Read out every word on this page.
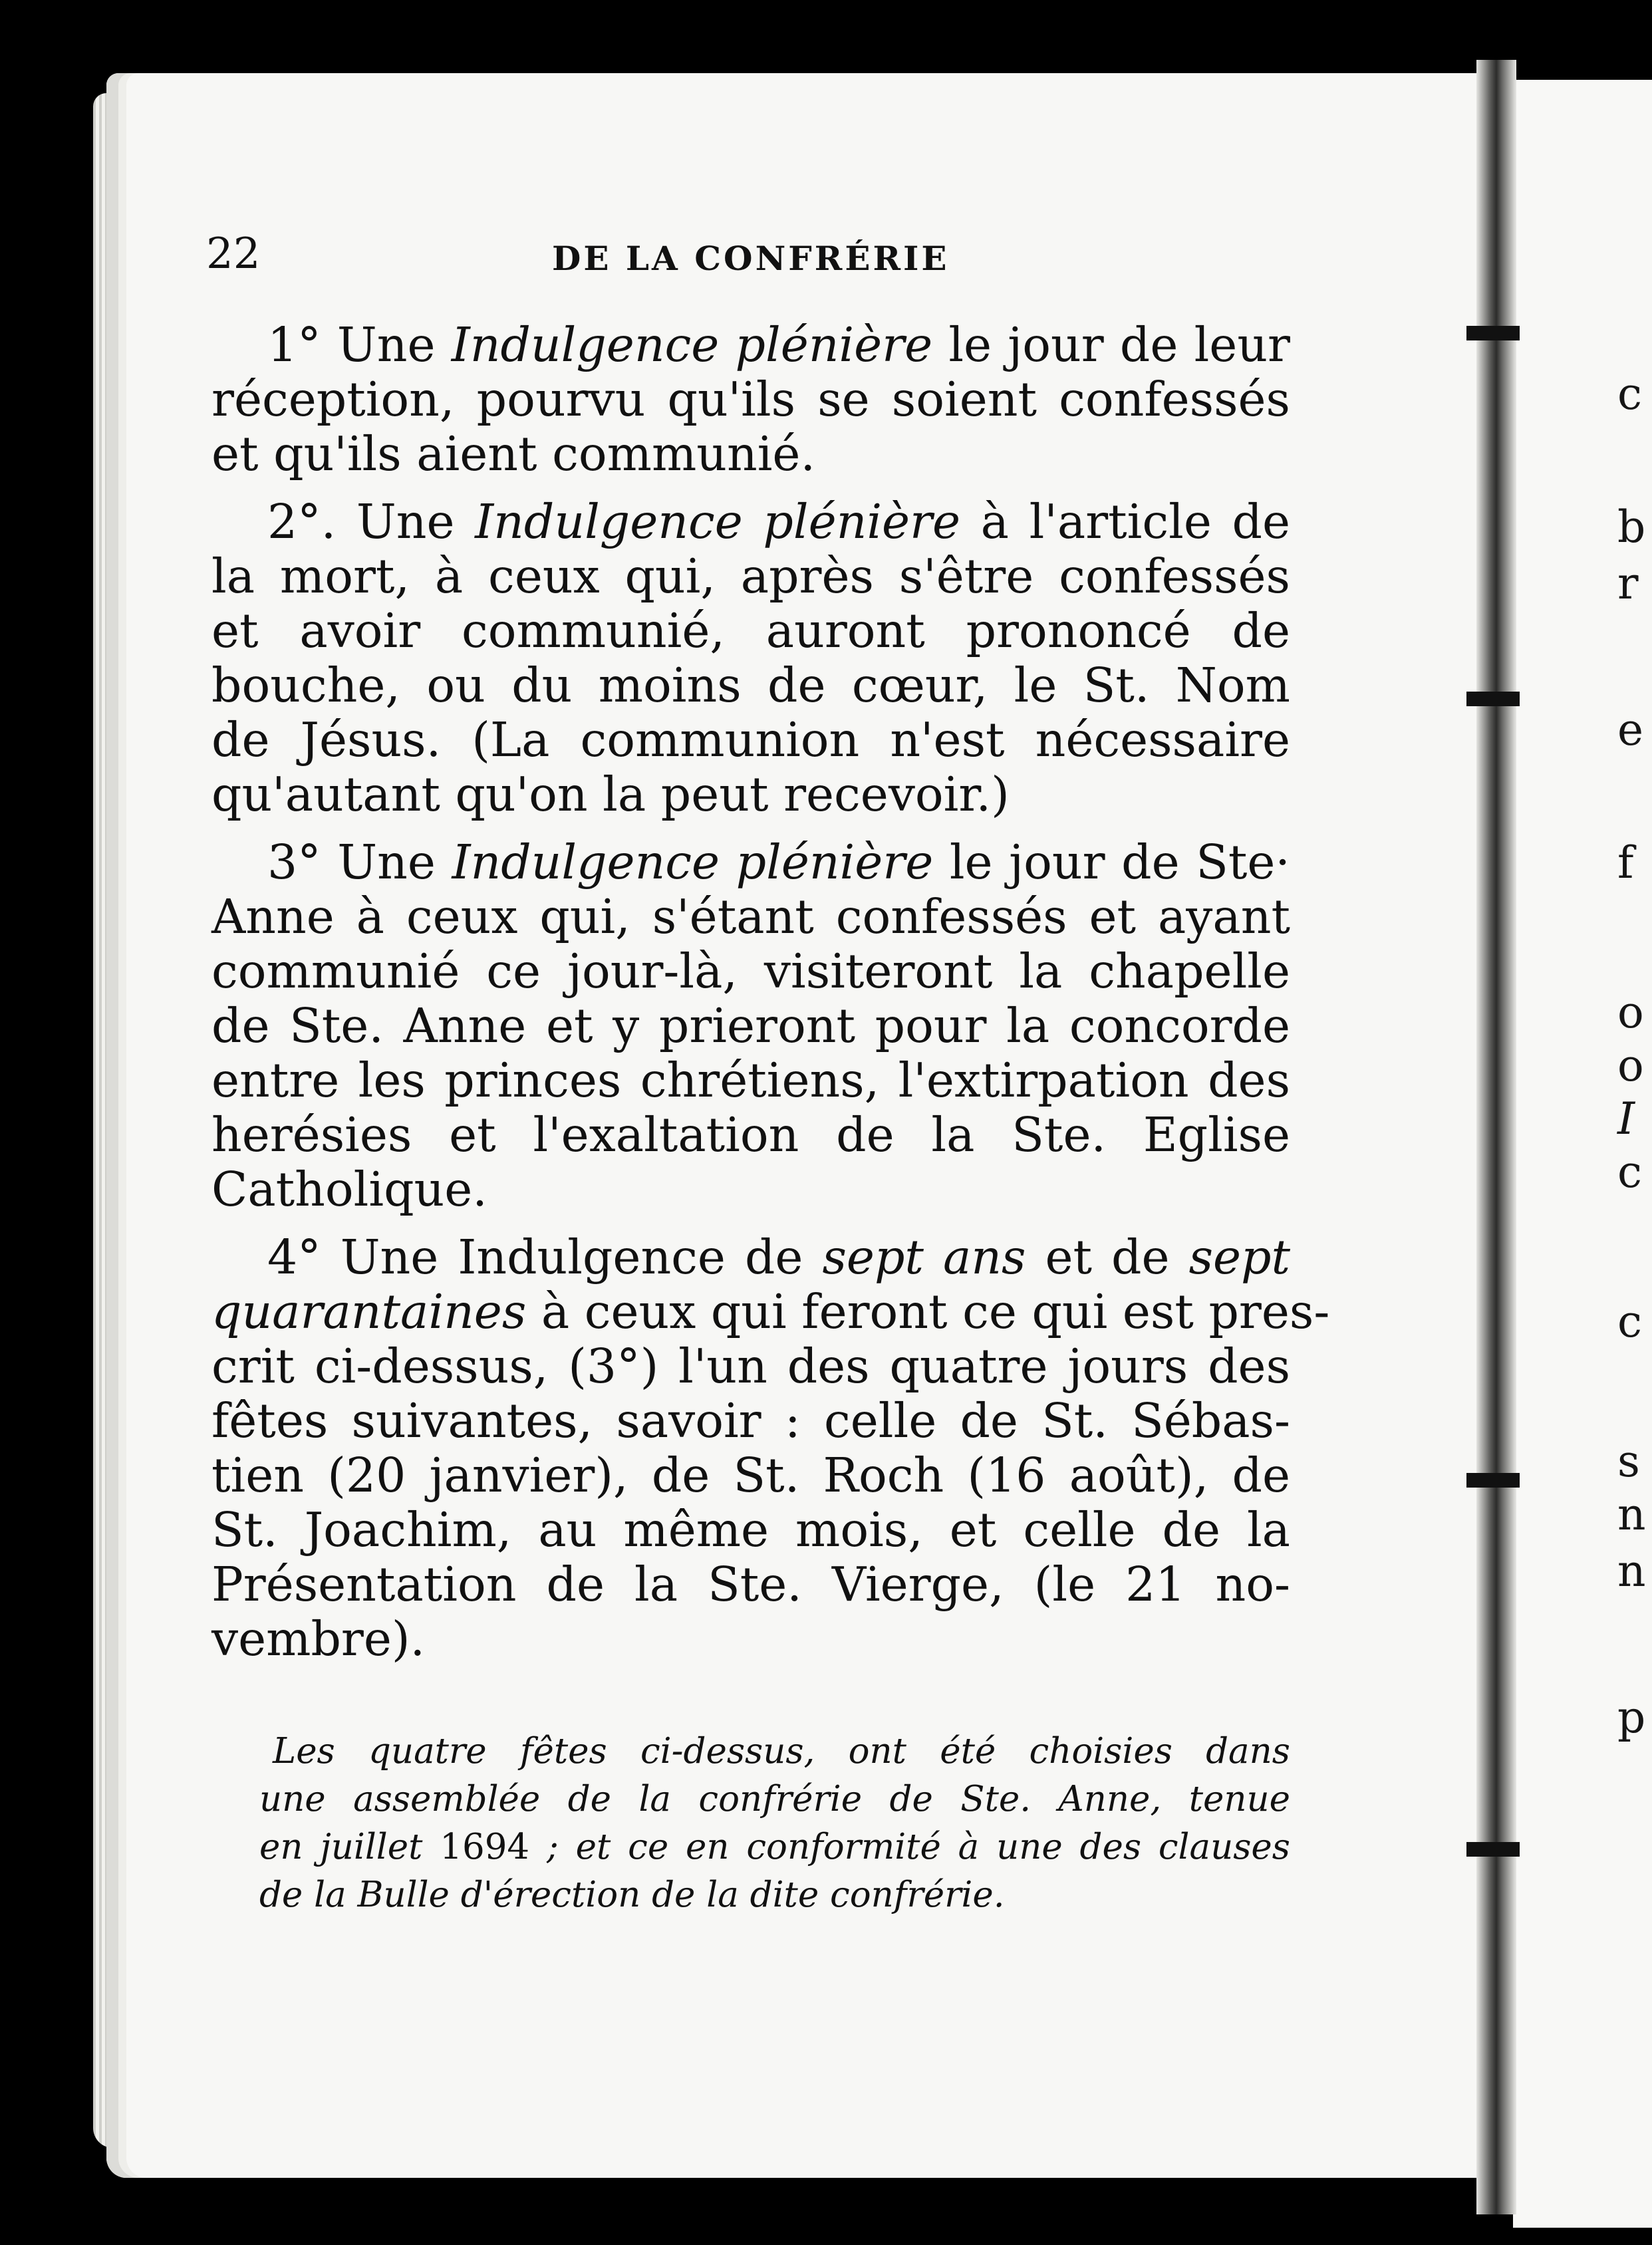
c
b
r
e
f
o
o
I
c
c
s
n
n
p
22	DE LA CONFRÉRIE
1° Une Indulgence plénière le jour de leur
réception, pourvu qu'ils se soient confessés
et qu'ils aient communié.
2°. Une Indulgence plénière à l'article de
la mort, à ceux qui, après s'être confessés
et avoir communié, auront prononcé de
bouche, ou du moins de cœur, le St. Nom
de Jésus. (La communion n'est nécessaire
qu'autant qu'on la peut recevoir.)
3° Une Indulgence plénière le jour de Ste·
Anne à ceux qui, s'étant confessés et ayant
communié ce jour-là, visiteront la chapelle
de Ste. Anne et y prieront pour la concorde
entre les princes chrétiens, l'extirpation des
herésies et l'exaltation de la Ste. Eglise
Catholique.
4° Une Indulgence de sept ans et de sept
quarantaines à ceux qui feront ce qui est pres-
crit ci-dessus, (3°) l'un des quatre jours des
fêtes suivantes, savoir : celle de St. Sébas-
tien (20 janvier), de St. Roch (16 août), de
St. Joachim, au même mois, et celle de la
Présentation de la Ste. Vierge, (le 21 no-
vembre).
Les quatre fêtes ci-dessus, ont été choisies dans
une assemblée de la confrérie de Ste. Anne, tenue
en juillet 1694 ; et ce en conformité à une des clauses
de la Bulle d'érection de la dite confrérie.
